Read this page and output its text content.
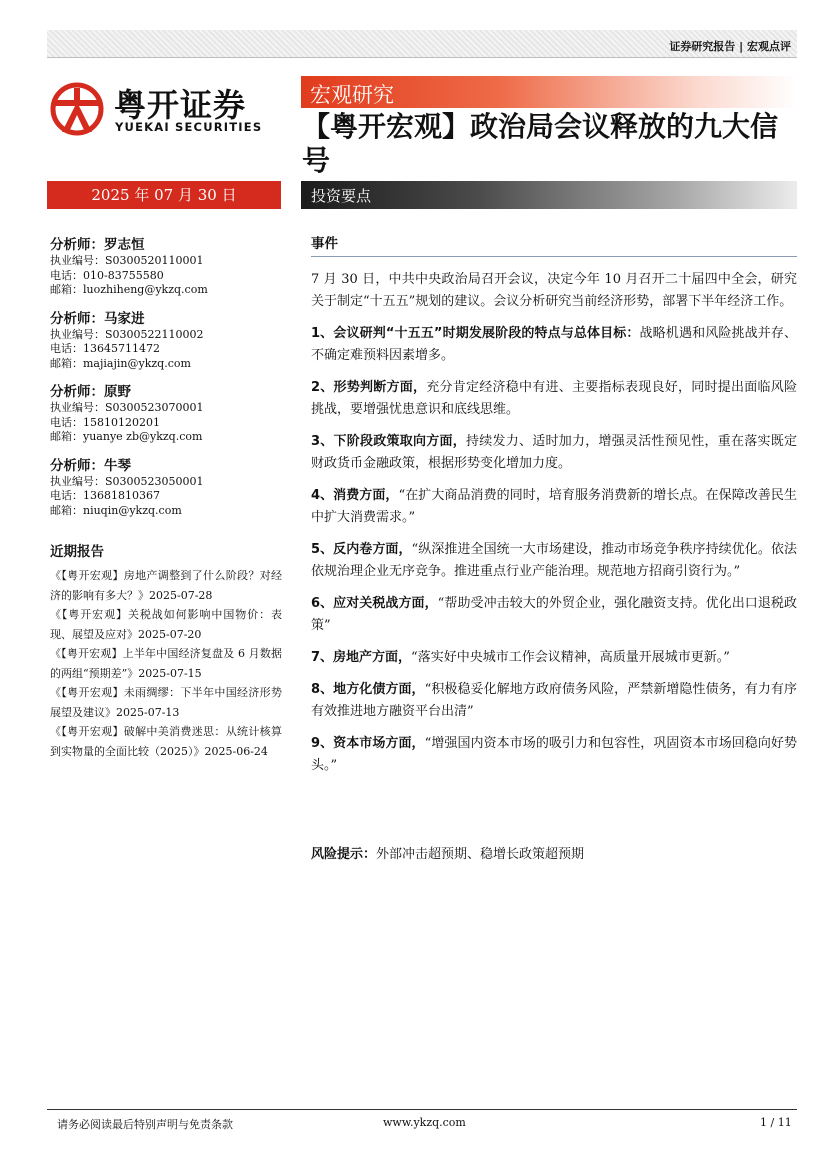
证券研究报告 | 宏观点评
粤开证券
YUEKAI SECURITIES
宏观研究
【粤开宏观】政治局会议释放的九大信号
2025 年 07 月 30 日	投资要点
分析师：罗志恒
执业编号：S0300520110001
电话：010-83755580
邮箱：luozhiheng@ykzq.com
分析师：马家进
执业编号：S0300522110002
电话：13645711472
邮箱：majiajin@ykzq.com
分析师：原野
执业编号：S0300523070001
电话：15810120201
邮箱：yuanye zb@ykzq.com
分析师：牛琴
执业编号：S0300523050001
电话：13681810367
邮箱：niuqin@ykzq.com
近期报告
《【粤开宏观】房地产调整到了什么阶段？对经济的影响有多大？》2025-07-28
《【粤开宏观】关税战如何影响中国物价：表现、展望及应对》2025-07-20
《【粤开宏观】上半年中国经济复盘及 6 月数据的两组“预期差”》2025-07-15
《【粤开宏观】未雨绸缪：下半年中国经济形势展望及建议》2025-07-13
《【粤开宏观】破解中美消费迷思：从统计核算到实物量的全面比较（2025）》2025-06-24
事件
7 月 30 日，中共中央政治局召开会议，决定今年 10 月召开二十届四中全会，研究关于制定“十五五”规划的建议。会议分析研究当前经济形势，部署下半年经济工作。
1、会议研判“十五五”时期发展阶段的特点与总体目标：战略机遇和风险挑战并存、不确定难预料因素增多。
2、形势判断方面，充分肯定经济稳中有进、主要指标表现良好，同时提出面临风险挑战，要增强忧患意识和底线思维。
3、下阶段政策取向方面，持续发力、适时加力，增强灵活性预见性，重在落实既定财政货币金融政策，根据形势变化增加力度。
4、消费方面，“在扩大商品消费的同时，培育服务消费新的增长点。在保障改善民生中扩大消费需求。”
5、反内卷方面，“纵深推进全国统一大市场建设，推动市场竞争秩序持续优化。依法依规治理企业无序竞争。推进重点行业产能治理。规范地方招商引资行为。”
6、应对关税战方面，“帮助受冲击较大的外贸企业，强化融资支持。优化出口退税政策”
7、房地产方面，“落实好中央城市工作会议精神，高质量开展城市更新。”
8、地方化债方面，“积极稳妥化解地方政府债务风险，严禁新增隐性债务，有力有序有效推进地方融资平台出清”
9、资本市场方面，“增强国内资本市场的吸引力和包容性，巩固资本市场回稳向好势头。”
风险提示：外部冲击超预期、稳增长政策超预期
请务必阅读最后特别声明与免责条款	www.ykzq.com	1 / 11
